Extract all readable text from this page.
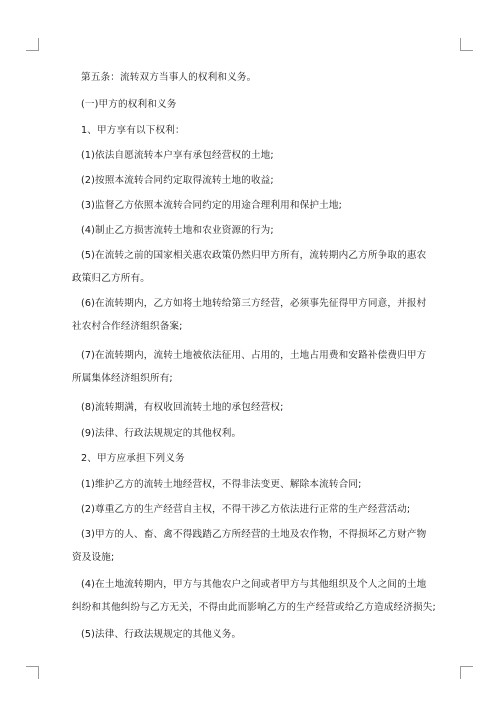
第五条：流转双方当事人的权利和义务。
(一)甲方的权利和义务
1、甲方享有以下权利：
(1)依法自愿流转本户享有承包经营权的土地;
(2)按照本流转合同约定取得流转土地的收益;
(3)监督乙方依照本流转合同约定的用途合理利用和保护土地;
(4)制止乙方损害流转土地和农业资源的行为;
(5)在流转之前的国家相关惠农政策仍然归甲方所有，流转期内乙方所争取的惠农
政策归乙方所有。
(6)在流转期内，乙方如将土地转给第三方经营，必须事先征得甲方同意，并报村
社农村合作经济组织备案;
(7)在流转期内，流转土地被依法征用、占用的，土地占用费和安路补偿费归甲方
所属集体经济组织所有;
(8)流转期满，有权收回流转土地的承包经营权;
(9)法律、行政法规规定的其他权利。
2、甲方应承担下列义务
(1)维护乙方的流转土地经营权，不得非法变更、解除本流转合同;
(2)尊重乙方的生产经营自主权，不得干涉乙方依法进行正常的生产经营活动;
(3)甲方的人、畜、禽不得践踏乙方所经营的土地及农作物，不得损坏乙方财产物
资及设施;
(4)在土地流转期内，甲方与其他农户之间或者甲方与其他组织及个人之间的土地
纠纷和其他纠纷与乙方无关，不得由此而影响乙方的生产经营或给乙方造成经济损失;
(5)法律、行政法规规定的其他义务。
